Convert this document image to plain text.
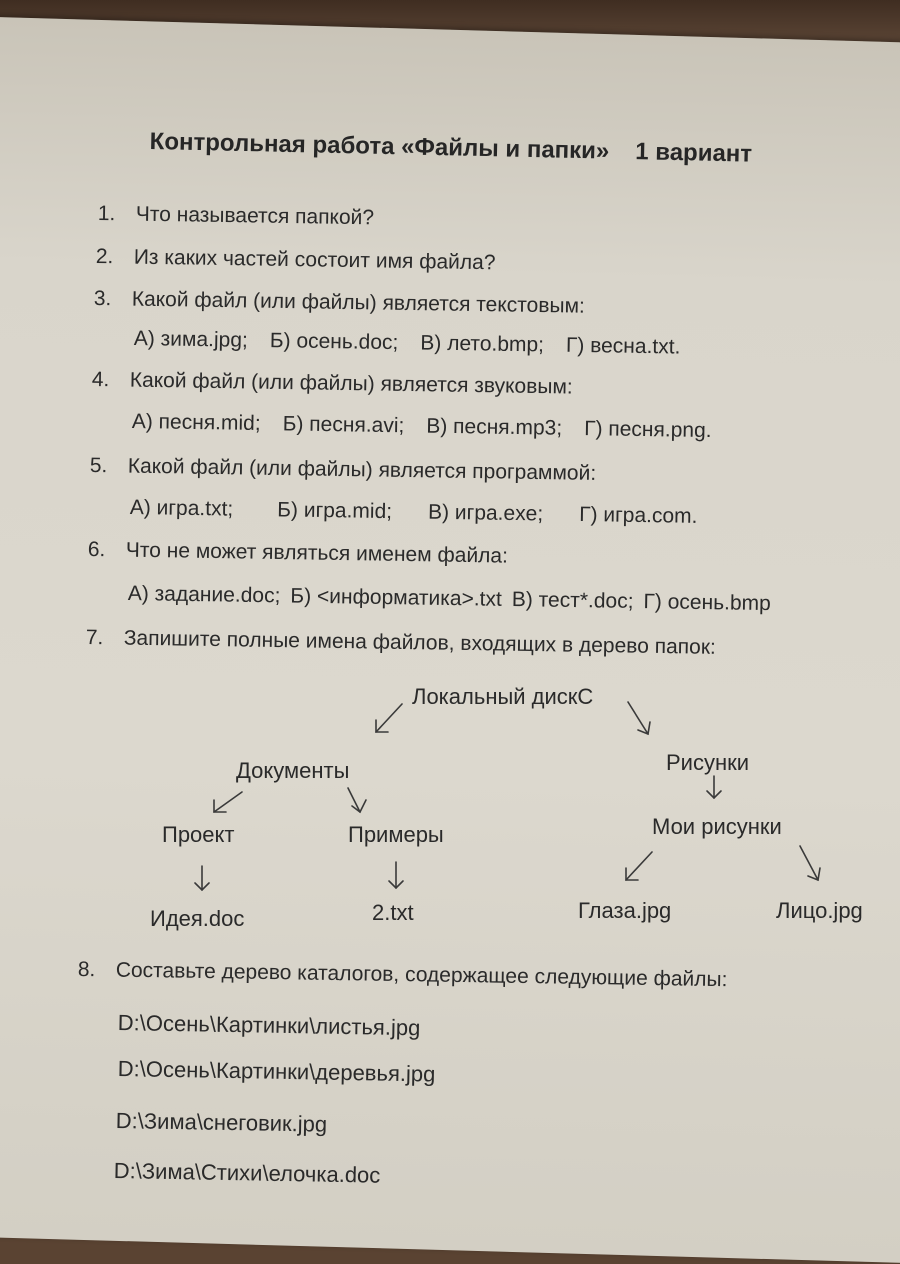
Контрольная работа «Файлы и папки» 1 вариант
1. Что называется папкой?
2. Из каких частей состоит имя файла?
3. Какой файл (или файлы) является текстовым:
А) зима.jpg; Б) осень.doc; В) лето.bmp; Г) весна.txt.
4. Какой файл (или файлы) является звуковым:
А) песня.mid; Б) песня.avi; В) песня.mp3; Г) песня.png.
5. Какой файл (или файлы) является программой:
А) игра.txt; Б) игра.mid; В) игра.exe; Г) игра.com.
6. Что не может являться именем файла:
А) задание.doc; Б) <информатика>.txt В) тест*.doc; Г) осень.bmp
7. Запишите полные имена файлов, входящих в дерево папок:
Локальный дискС
Документы	Рисунки
Проект	Примеры	Мои рисунки
Идея.doc	2.txt	Глаза.jpg	Лицо.jpg
8. Составьте дерево каталогов, содержащее следующие файлы:
D:\Осень\Картинки\листья.jpg
D:\Осень\Картинки\деревья.jpg
D:\Зима\снеговик.jpg
D:\Зима\Стихи\елочка.doc
